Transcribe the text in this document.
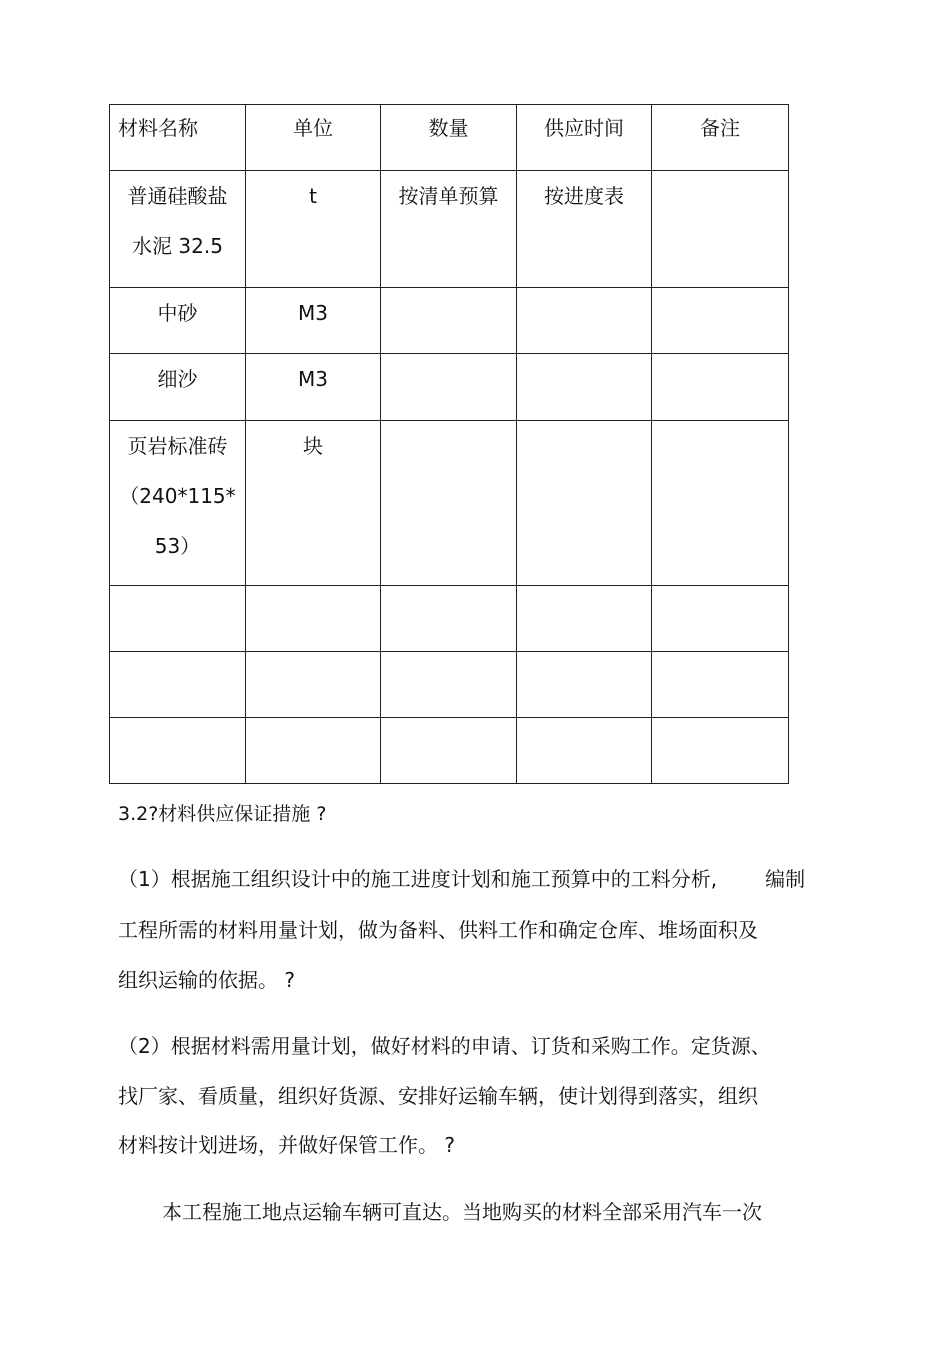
材料名称	单位	数量	供应时间	备注

普通硅酸盐
水泥 32.5	t	按清单预算	按进度表	
中砂	M3			
细沙	M3			

页岩标准砖
（240*115*
53）	块			

3.2?材料供应保证措施 ?
（1）根据施工组织设计中的施工进度计划和施工预算中的工料分析, 编制
工程所需的材料用量计划，做为备料、供料工作和确定仓库、堆场面积及
组织运输的依据。 ?
（2）根据材料需用量计划，做好材料的申请、订货和采购工作。定货源、
找厂家、看质量，组织好货源、安排好运输车辆，使计划得到落实，组织
材料按计划进场，并做好保管工作。 ?
本工程施工地点运输车辆可直达。当地购买的材料全部采用汽车一次
